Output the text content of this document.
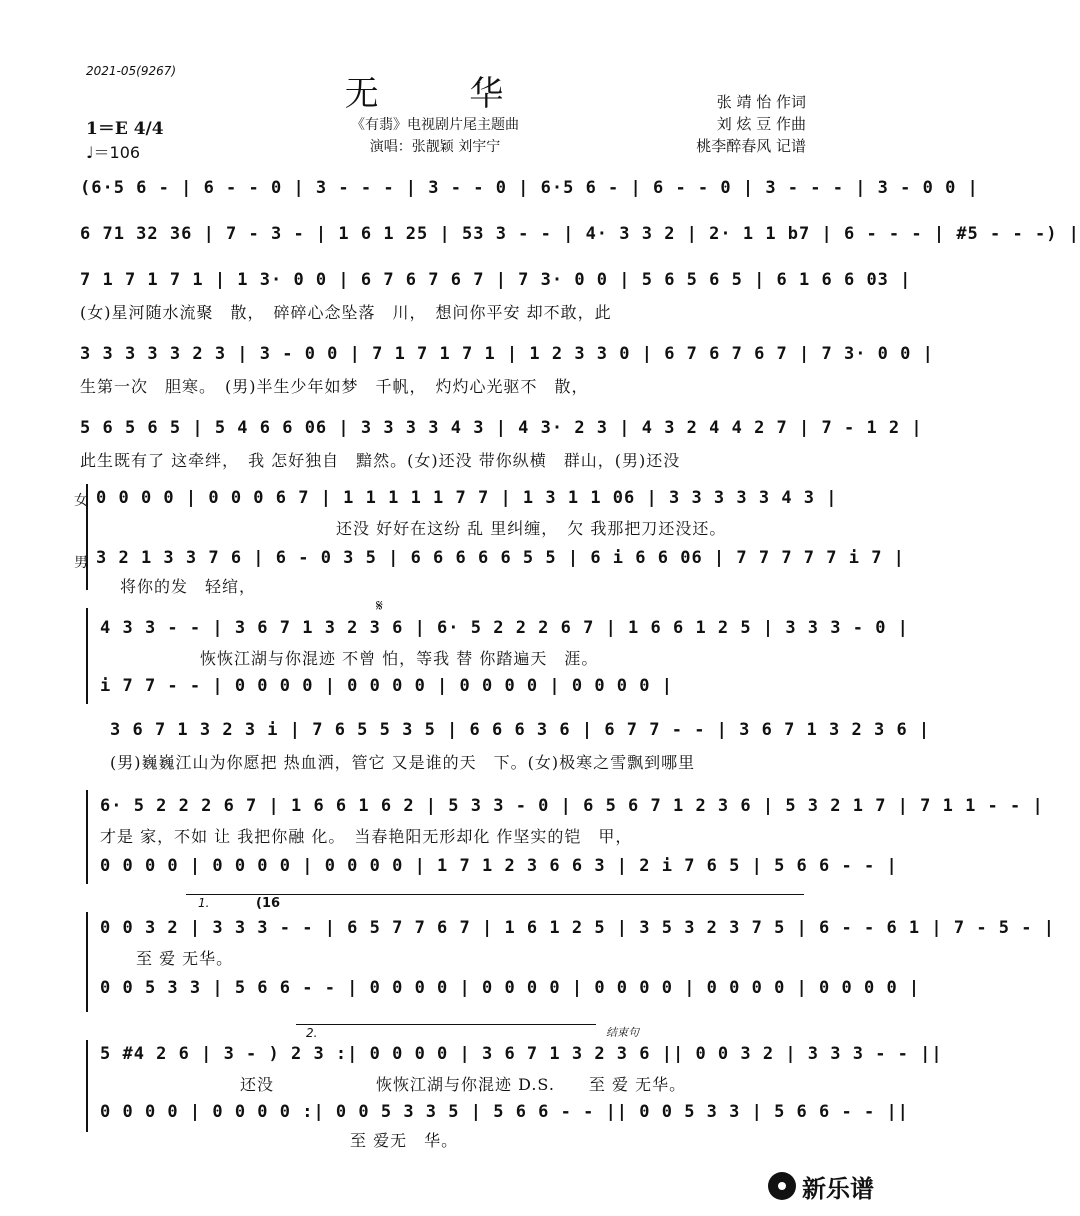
2021-05(9267)
无 华
《有翡》电视剧片尾主题曲
演唱：张靓颖 刘宇宁
张 靖 怡 作词
刘 炫 豆 作曲
桃李醉春风 记谱
1＝E 4/4
♩＝106
(6·5 6 - | 6 - - 0 | 3 - - - | 3 - - 0 | 6·5 6 - | 6 - - 0 | 3 - - - | 3 - 0 0 |
6 71 32 36 | 7 - 3 - | 1 6 1 25 | 53 3 - - | 4· 3 3 2 | 2· 1 1 b7 | 6 - - - | #5 - - -) |
7 1 7 1 7 1 | 1 3· 0 0 | 6 7 6 7 6 7 | 7 3· 0 0 | 5 6 5 6 5 | 6 1 6 6 03 |
(女)星河随水流聚　散，　碎碎心念坠落　川，　想问你平安 却不敢，此
3 3 3 3 3 2 3 | 3 - 0 0 | 7 1 7 1 7 1 | 1 2 3 3 0 | 6 7 6 7 6 7 | 7 3· 0 0 |
生第一次　胆寒。　(男)半生少年如梦　千帆，　灼灼心光驱不　散，
5 6 5 6 5 | 5 4 6 6 06 | 3 3 3 3 4 3 | 4 3· 2 3 | 4 3 2 4 4 2 7 | 7 - 1 2 |
此生既有了 这牵绊，　我 怎好独自　黯然。(女)还没 带你纵横　群山，(男)还没
女
男
0 0 0 0 | 0 0 0 6 7 | 1 1 1 1 1 7 7 | 1 3 1 1 06 | 3 3 3 3 3 4 3 |
还没 好好在这纷 乱 里纠缠，　欠 我那把刀还没还。
3 2 1 3 3 7 6 | 6 - 0 3 5 | 6 6 6 6 6 5 5 | 6 i 6 6 06 | 7 7 7 7 7 i 7 |
将你的发　轻绾，
𝄋
4 3 3 - - | 3 6 7 1 3 2 3 6 | 6· 5 2 2 2 6 7 | 1 6 6 1 2 5 | 3 3 3 - 0 |
恢恢江湖与你混迹 不曾 怕，等我 替 你踏遍天　涯。
i 7 7 - - | 0 0 0 0 | 0 0 0 0 | 0 0 0 0 | 0 0 0 0 |
3 6 7 1 3 2 3 i | 7 6 5 5 3 5 | 6 6 6 3 6 | 6 7 7 - - | 3 6 7 1 3 2 3 6 |
(男)巍巍江山为你愿把 热血洒，管它 又是谁的天　下。(女)极寒之雪飘到哪里
6· 5 2 2 2 6 7 | 1 6 6 1 6 2 | 5 3 3 - 0 | 6 5 6 7 1 2 3 6 | 5 3 2 1 7 | 7 1 1 - - |
才是 家，不如 让 我把你融 化。　当春艳阳无形却化 作坚实的铠　甲，
0 0 0 0 | 0 0 0 0 | 0 0 0 0 | 1 7 1 2 3 6 6 3 | 2 i 7 6 5 | 5 6 6 - - |
1.	(16
0 0 3 2 | 3 3 3 - - | 6 5 7 7 6 7 | 1 6 1 2 5 | 3 5 3 2 3 7 5 | 6 - - 6 1 | 7 - 5 - |
至 爱 无华。
0 0 5 3 3 | 5 6 6 - - | 0 0 0 0 | 0 0 0 0 | 0 0 0 0 | 0 0 0 0 | 0 0 0 0 |
2.	结束句
5 #4 2 6 | 3 - ) 2 3 :| 0 0 0 0 | 3 6 7 1 3 2 3 6 || 0 0 3 2 | 3 3 3 - - ||
还没　　　　　　恢恢江湖与你混迹 D.S.　　至 爱 无华。
0 0 0 0 | 0 0 0 0 :| 0 0 5 3 3 5 | 5 6 6 - - || 0 0 5 3 3 | 5 6 6 - - ||
至 爱无　华。
新乐谱
